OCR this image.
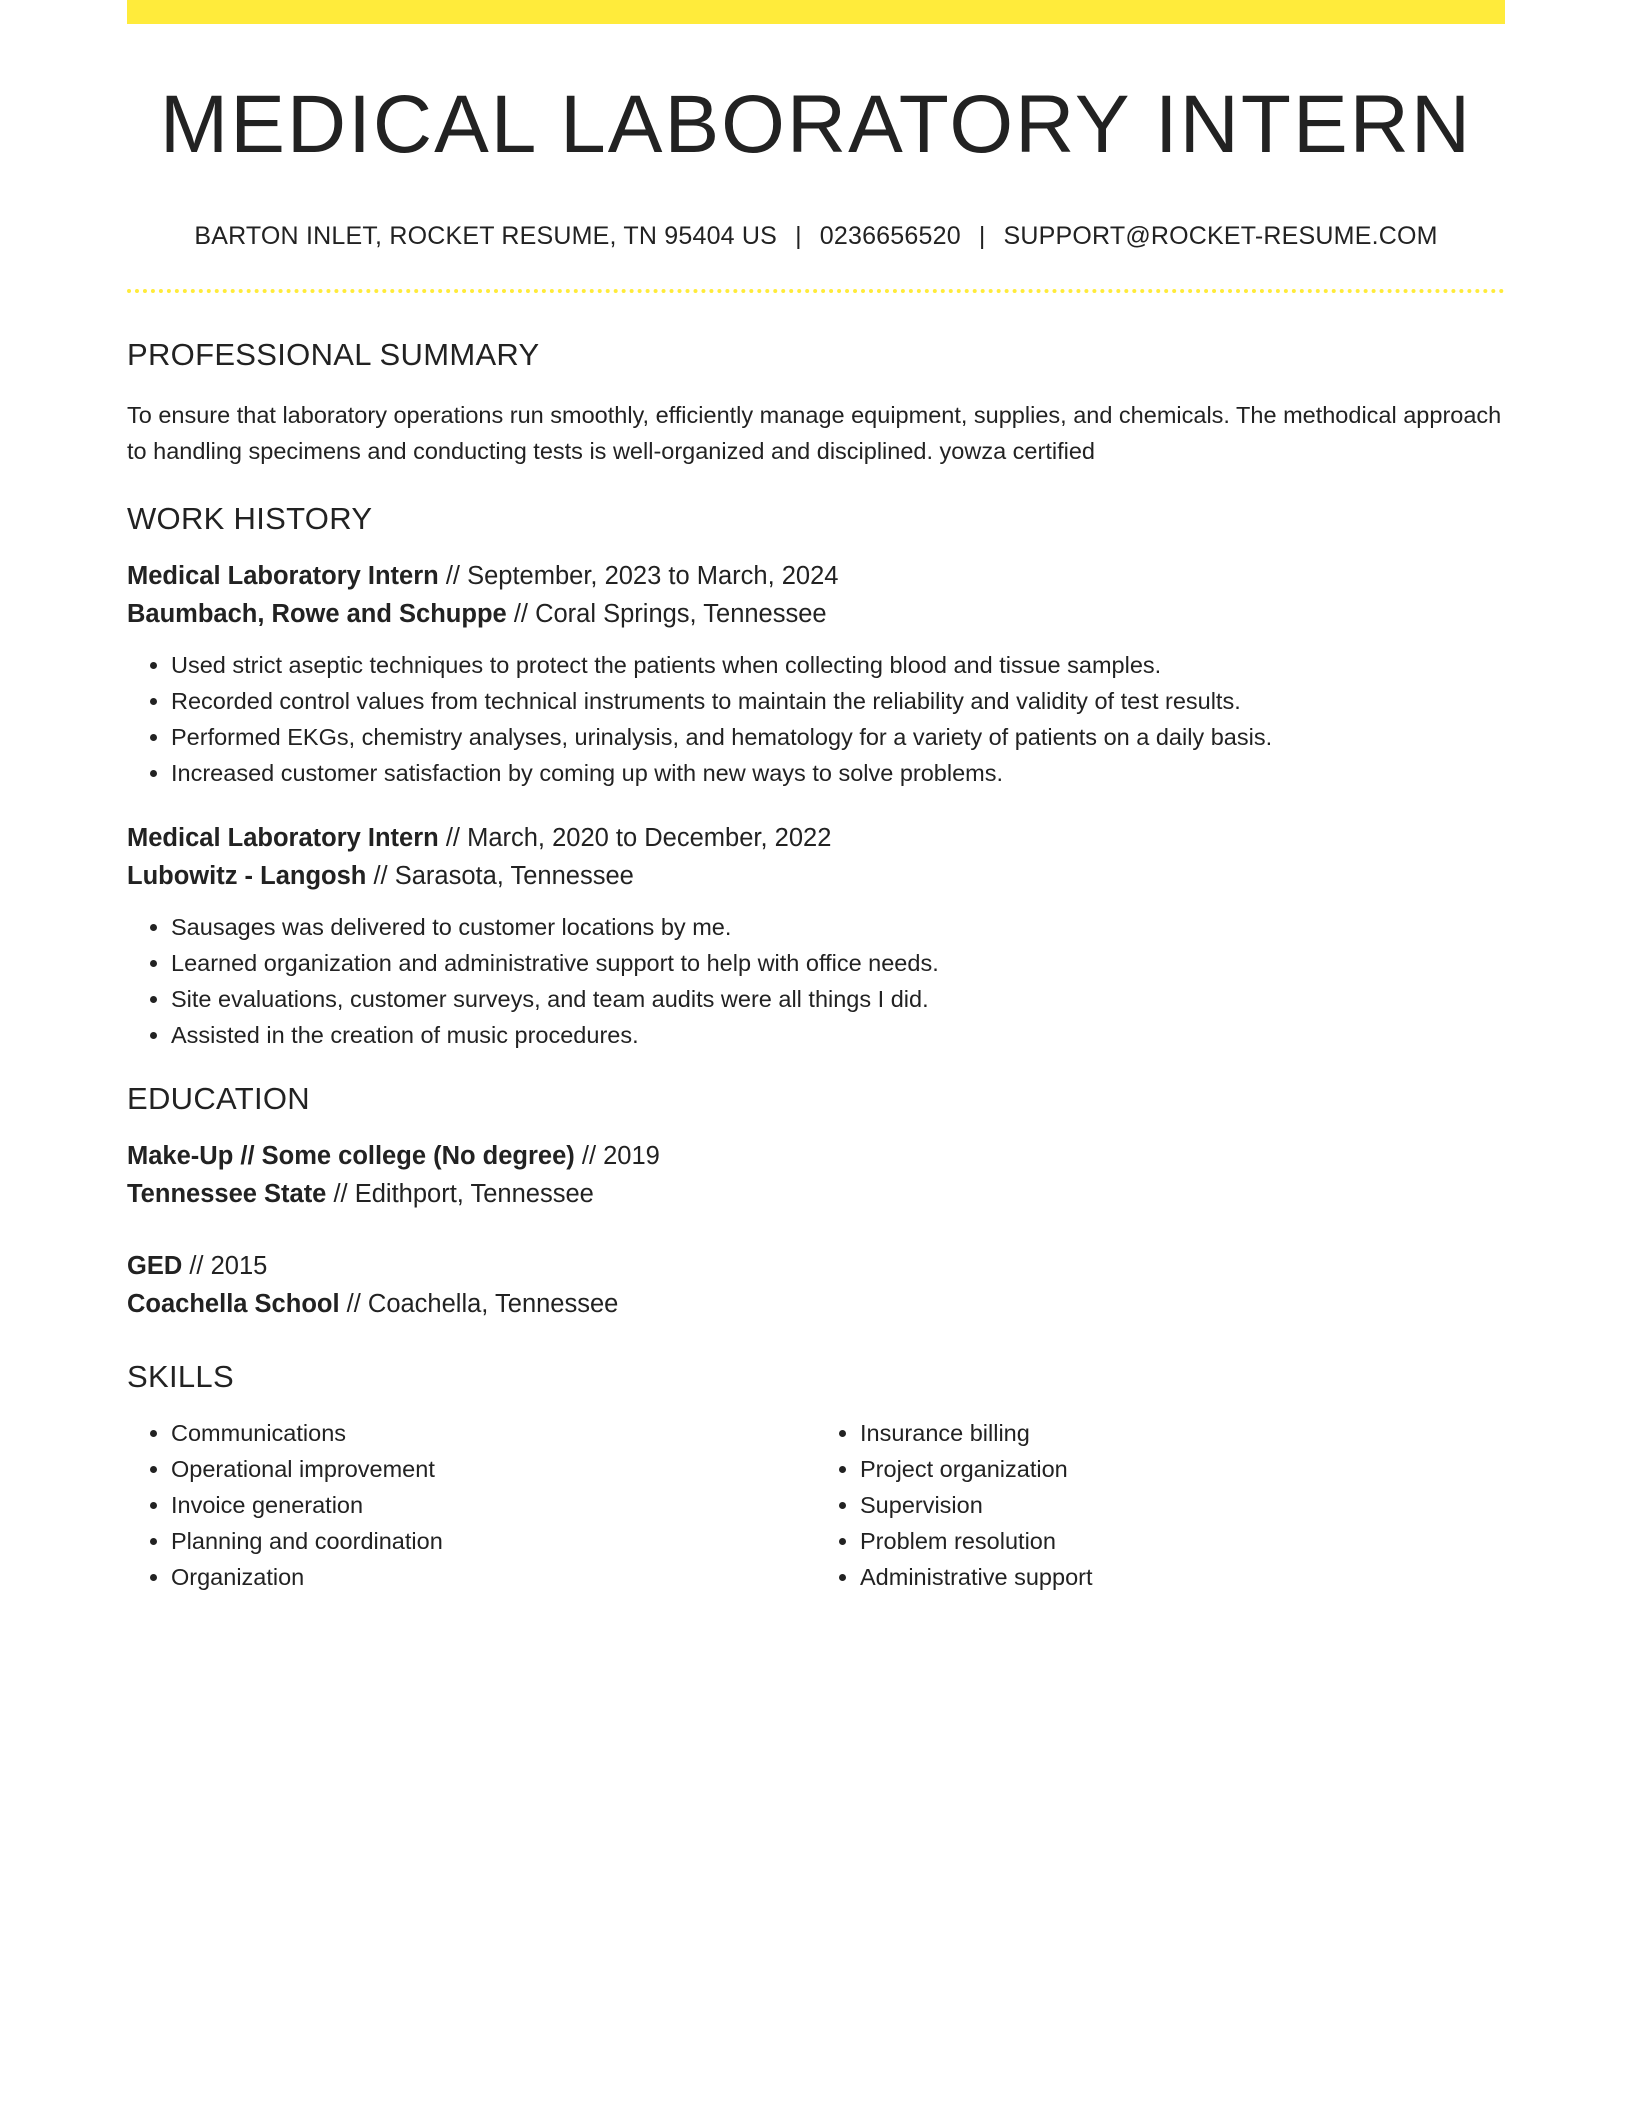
MEDICAL LABORATORY INTERN
BARTON INLET, ROCKET RESUME, TN 95404 US | 0236656520 | SUPPORT@ROCKET-RESUME.COM
PROFESSIONAL SUMMARY

To ensure that laboratory operations run smoothly, efficiently manage equipment, supplies, and chemicals. The methodical approach to handling specimens and conducting tests is well-organized and disciplined. yowza certified

WORK HISTORY
Medical Laboratory Intern // September, 2023 to March, 2024
Baumbach, Rowe and Schuppe // Coral Springs, Tennessee
• Used strict aseptic techniques to protect the patients when collecting blood and tissue samples.
• Recorded control values from technical instruments to maintain the reliability and validity of test results.
• Performed EKGs, chemistry analyses, urinalysis, and hematology for a variety of patients on a daily basis.
• Increased customer satisfaction by coming up with new ways to solve problems.
Medical Laboratory Intern // March, 2020 to December, 2022
Lubowitz - Langosh // Sarasota, Tennessee
• Sausages was delivered to customer locations by me.
• Learned organization and administrative support to help with office needs.
• Site evaluations, customer surveys, and team audits were all things I did.
• Assisted in the creation of music procedures.
EDUCATION
Make-Up // Some college (No degree) // 2019
Tennessee State // Edithport, Tennessee
GED // 2015
Coachella School // Coachella, Tennessee
SKILLS
• Communications
• Operational improvement
• Invoice generation
• Planning and coordination
• Organization
• Insurance billing
• Project organization
• Supervision
• Problem resolution
• Administrative support
